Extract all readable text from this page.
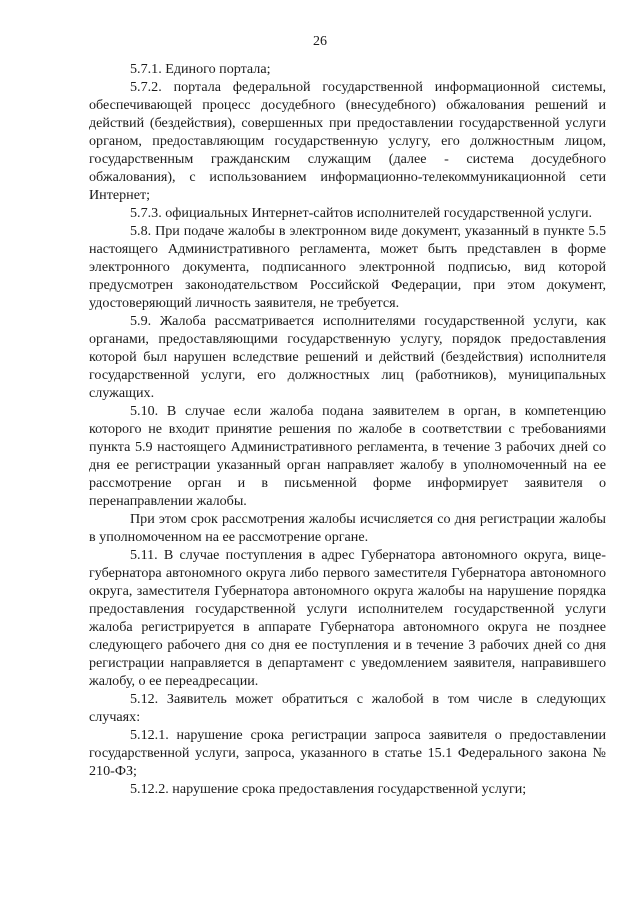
26

5.7.1. Единого портала;

5.7.2. портала федеральной государственной информационной системы, обеспечивающей процесс досудебного (внесудебного) обжалования решений и действий (бездействия), совершенных при предоставлении государственной услуги органом, предоставляющим государственную услугу, его должностным лицом, государственным гражданским служащим (далее - система досудебного обжалования), с использованием информационно-телекоммуникационной сети Интернет;

5.7.3. официальных Интернет-сайтов исполнителей государственной услуги.

5.8. При подаче жалобы в электронном виде документ, указанный в пункте 5.5 настоящего Административного регламента, может быть представлен в форме электронного документа, подписанного электронной подписью, вид которой предусмотрен законодательством Российской Федерации, при этом документ, удостоверяющий личность заявителя, не требуется.

5.9. Жалоба рассматривается исполнителями государственной услуги, как органами, предоставляющими государственную услугу, порядок предоставления которой был нарушен вследствие решений и действий (бездействия) исполнителя государственной услуги, его должностных лиц (работников), муниципальных служащих.

5.10. В случае если жалоба подана заявителем в орган, в компетенцию которого не входит принятие решения по жалобе в соответствии с требованиями пункта 5.9 настоящего Административного регламента, в течение 3 рабочих дней со дня ее регистрации указанный орган направляет жалобу в уполномоченный на ее рассмотрение орган и в письменной форме информирует заявителя о перенаправлении жалобы.

При этом срок рассмотрения жалобы исчисляется со дня регистрации жалобы в уполномоченном на ее рассмотрение органе.

5.11. В случае поступления в адрес Губернатора автономного округа, вице-губернатора автономного округа либо первого заместителя Губернатора автономного округа, заместителя Губернатора автономного округа жалобы на нарушение порядка предоставления государственной услуги исполнителем государственной услуги жалоба регистрируется в аппарате Губернатора автономного округа не позднее следующего рабочего дня со дня ее поступления и в течение 3 рабочих дней со дня регистрации направляется в департамент с уведомлением заявителя, направившего жалобу, о ее переадресации.

5.12. Заявитель может обратиться с жалобой в том числе в следующих случаях:

5.12.1. нарушение срока регистрации запроса заявителя о предоставлении государственной услуги, запроса, указанного в статье 15.1 Федерального закона № 210-ФЗ;

5.12.2. нарушение срока предоставления государственной услуги;
